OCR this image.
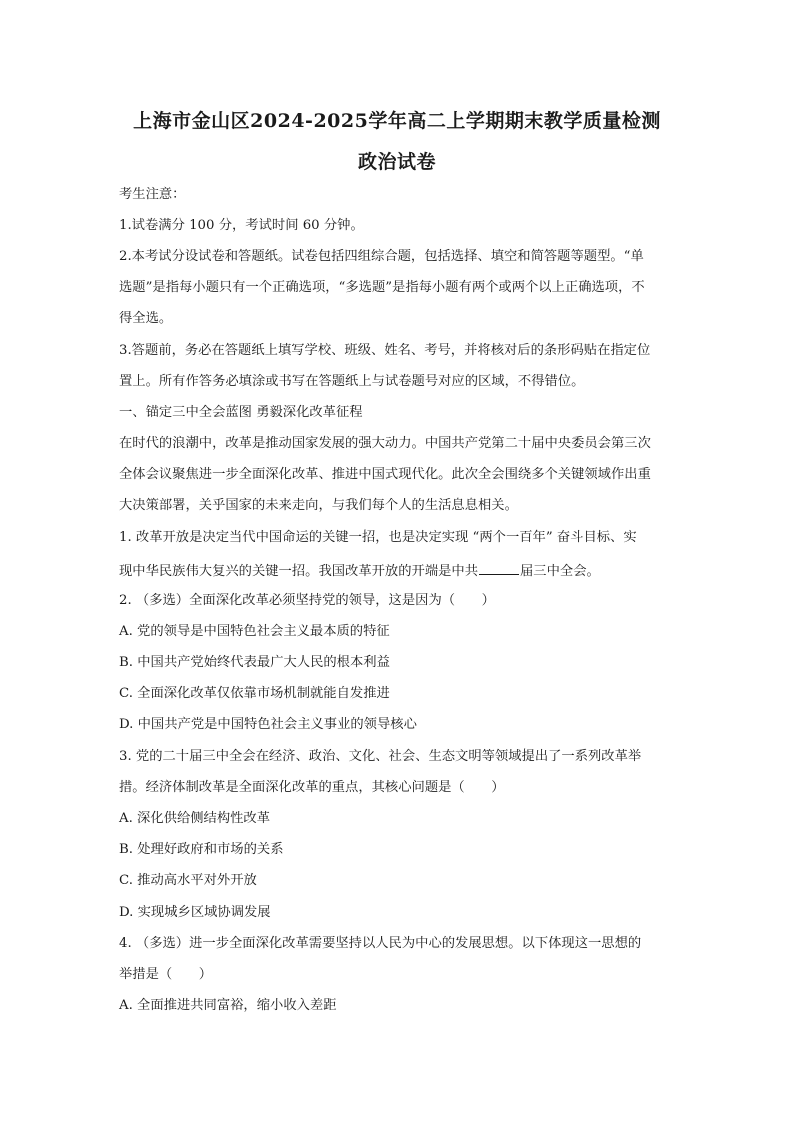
上海市金山区2024-2025学年高二上学期期末教学质量检测
政治试卷
考生注意：
1.试卷满分 100 分，考试时间 60 分钟。
2.本考试分设试卷和答题纸。试卷包括四组综合题，包括选择、填空和简答题等题型。“单
选题”是指每小题只有一个正确选项，“多选题”是指每小题有两个或两个以上正确选项，不
得全选。
3.答题前，务必在答题纸上填写学校、班级、姓名、考号，并将核对后的条形码贴在指定位
置上。所有作答务必填涂或书写在答题纸上与试卷题号对应的区域，不得错位。
一、锚定三中全会蓝图 勇毅深化改革征程
在时代的浪潮中，改革是推动国家发展的强大动力。中国共产党第二十届中央委员会第三次
全体会议聚焦进一步全面深化改革、推进中国式现代化。此次全会围绕多个关键领域作出重
大决策部署，关乎国家的未来走向，与我们每个人的生活息息相关。
1. 改革开放是决定当代中国命运的关键一招，也是决定实现 “两个一百年” 奋斗目标、实
现中华民族伟大复兴的关键一招。我国改革开放的开端是中共	届三中全会。
2. （多选）全面深化改革必须坚持党的领导，这是因为（　　）
A. 党的领导是中国特色社会主义最本质的特征
B. 中国共产党始终代表最广大人民的根本利益
C. 全面深化改革仅依靠市场机制就能自发推进
D. 中国共产党是中国特色社会主义事业的领导核心
3. 党的二十届三中全会在经济、政治、文化、社会、生态文明等领域提出了一系列改革举
措。经济体制改革是全面深化改革的重点，其核心问题是（　　）
A. 深化供给侧结构性改革
B. 处理好政府和市场的关系
C. 推动高水平对外开放
D. 实现城乡区域协调发展
4. （多选）进一步全面深化改革需要坚持以人民为中心的发展思想。以下体现这一思想的
举措是（　　）
A. 全面推进共同富裕，缩小收入差距
